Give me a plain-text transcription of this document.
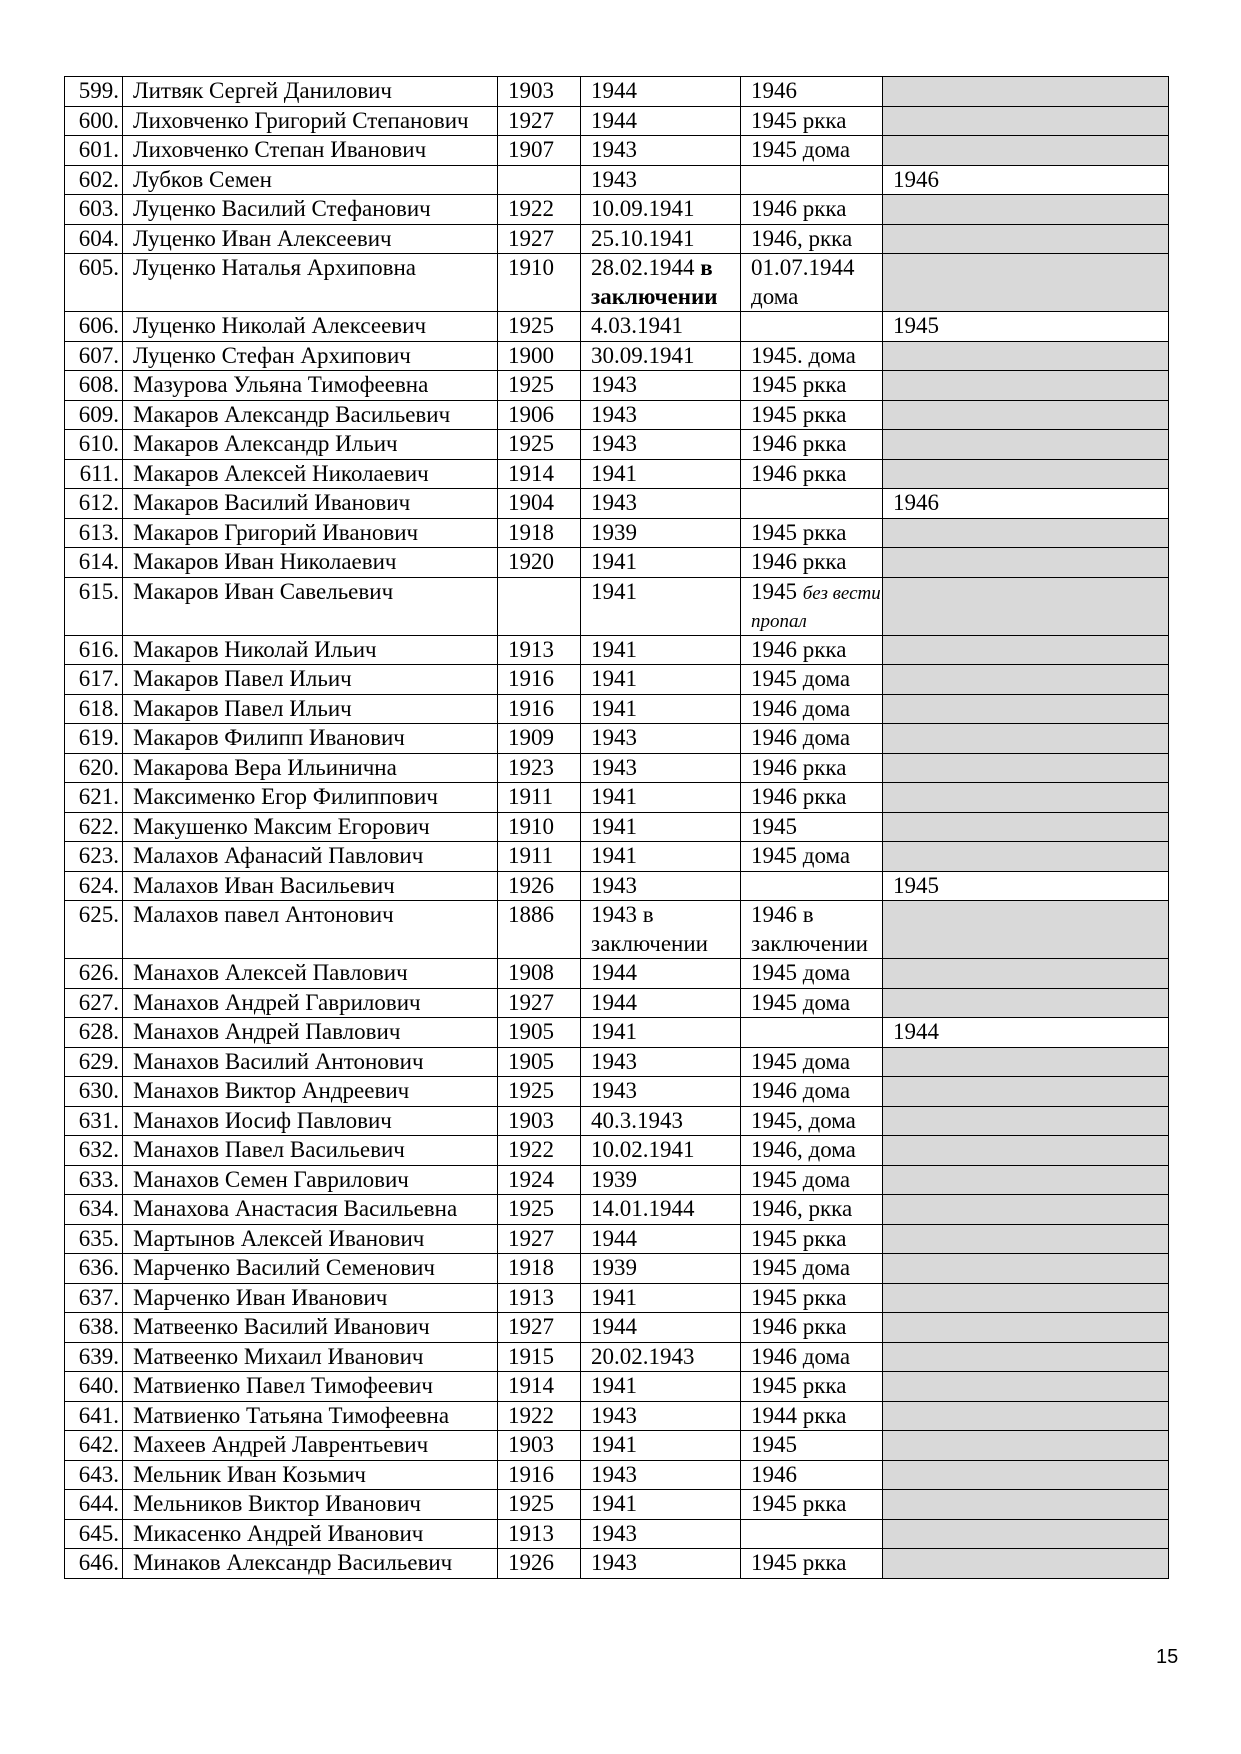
599.	Литвяк Сергей Данилович	1903	1944	1946	
600.	Лиховченко Григорий Степанович	1927	1944	1945 ркка	
601.	Лиховченко Степан Иванович	1907	1943	1945 дома	
602.	Лубков Семен		1943		1946
603.	Луценко Василий Стефанович	1922	10.09.1941	1946 ркка	
604.	Луценко Иван Алексеевич	1927	25.10.1941	1946, ркка	
605.	Луценко Наталья Архиповна	1910	28.02.1944 в заключении	01.07.1944 дома	
606.	Луценко Николай Алексеевич	1925	4.03.1941		1945
607.	Луценко Стефан Архипович	1900	30.09.1941	1945. дома	
608.	Мазурова Ульяна Тимофеевна	1925	1943	1945 ркка	
609.	Макаров Александр Васильевич	1906	1943	1945 ркка	
610.	Макаров Александр Ильич	1925	1943	1946 ркка	
611.	Макаров Алексей Николаевич	1914	1941	1946 ркка	
612.	Макаров Василий Иванович	1904	1943		1946
613.	Макаров Григорий Иванович	1918	1939	1945 ркка	
614.	Макаров Иван Николаевич	1920	1941	1946 ркка	
615.	Макаров Иван Савельевич		1941	1945 без вести пропал	
616.	Макаров Николай Ильич	1913	1941	1946 ркка	
617.	Макаров Павел Ильич	1916	1941	1945 дома	
618.	Макаров Павел Ильич	1916	1941	1946 дома	
619.	Макаров Филипп Иванович	1909	1943	1946 дома	
620.	Макарова Вера Ильинична	1923	1943	1946 ркка	
621.	Максименко Егор Филиппович	1911	1941	1946 ркка	
622.	Макушенко Максим Егорович	1910	1941	1945	
623.	Малахов Афанасий Павлович	1911	1941	1945 дома	
624.	Малахов Иван Васильевич	1926	1943		1945
625.	Малахов павел Антонович	1886	1943 в заключении	1946 в заключении	
626.	Манахов Алексей Павлович	1908	1944	1945 дома	
627.	Манахов Андрей Гаврилович	1927	1944	1945 дома	
628.	Манахов Андрей Павлович	1905	1941		1944
629.	Манахов Василий Антонович	1905	1943	1945 дома	
630.	Манахов Виктор Андреевич	1925	1943	1946 дома	
631.	Манахов Иосиф Павлович	1903	40.3.1943	1945, дома	
632.	Манахов Павел Васильевич	1922	10.02.1941	1946, дома	
633.	Манахов Семен Гаврилович	1924	1939	1945 дома	
634.	Манахова Анастасия Васильевна	1925	14.01.1944	1946, ркка	
635.	Мартынов Алексей Иванович	1927	1944	1945 ркка	
636.	Марченко Василий Семенович	1918	1939	1945 дома	
637.	Марченко Иван Иванович	1913	1941	1945 ркка	
638.	Матвеенко Василий Иванович	1927	1944	1946 ркка	
639.	Матвеенко Михаил Иванович	1915	20.02.1943	1946 дома	
640.	Матвиенко Павел Тимофеевич	1914	1941	1945 ркка	
641.	Матвиенко Татьяна Тимофеевна	1922	1943	1944 ркка	
642.	Махеев Андрей Лаврентьевич	1903	1941	1945	
643.	Мельник Иван Козьмич	1916	1943	1946	
644.	Мельников Виктор Иванович	1925	1941	1945 ркка	
645.	Микасенко Андрей Иванович	1913	1943		
646.	Минаков Александр Васильевич	1926	1943	1945 ркка	
15
